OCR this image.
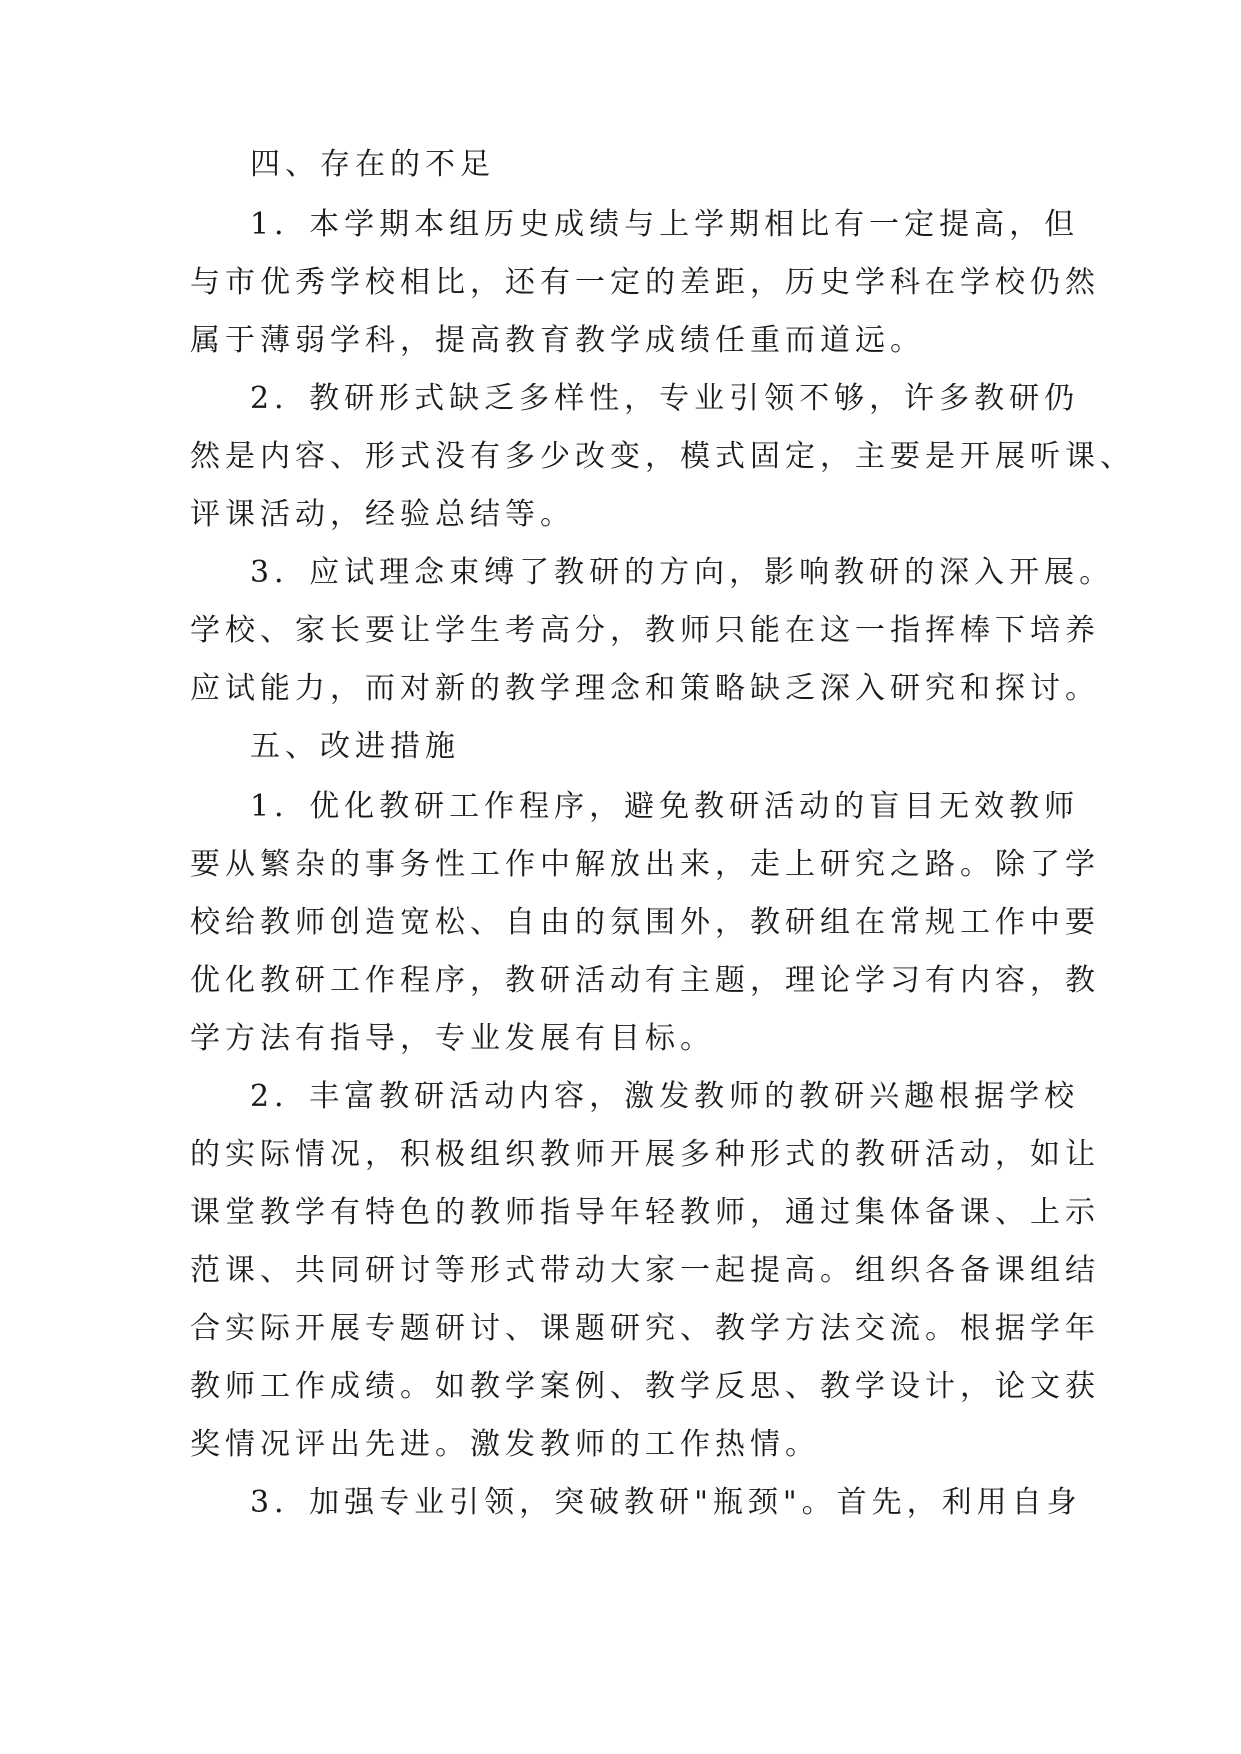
四、存在的不足
1．本学期本组历史成绩与上学期相比有一定提高，但
与市优秀学校相比，还有一定的差距，历史学科在学校仍然
属于薄弱学科，提高教育教学成绩任重而道远。
2．教研形式缺乏多样性，专业引领不够，许多教研仍
然是内容、形式没有多少改变，模式固定，主要是开展听课、
评课活动，经验总结等。
3．应试理念束缚了教研的方向，影响教研的深入开展。
学校、家长要让学生考高分，教师只能在这一指挥棒下培养
应试能力，而对新的教学理念和策略缺乏深入研究和探讨。
五、改进措施
1．优化教研工作程序，避免教研活动的盲目无效教师
要从繁杂的事务性工作中解放出来，走上研究之路。除了学
校给教师创造宽松、自由的氛围外，教研组在常规工作中要
优化教研工作程序，教研活动有主题，理论学习有内容，教
学方法有指导，专业发展有目标。
2．丰富教研活动内容，激发教师的教研兴趣根据学校
的实际情况，积极组织教师开展多种形式的教研活动，如让
课堂教学有特色的教师指导年轻教师，通过集体备课、上示
范课、共同研讨等形式带动大家一起提高。组织各备课组结
合实际开展专题研讨、课题研究、教学方法交流。根据学年
教师工作成绩。如教学案例、教学反思、教学设计，论文获
奖情况评出先进。激发教师的工作热情。
3．加强专业引领，突破教研"瓶颈"。首先，利用自身
